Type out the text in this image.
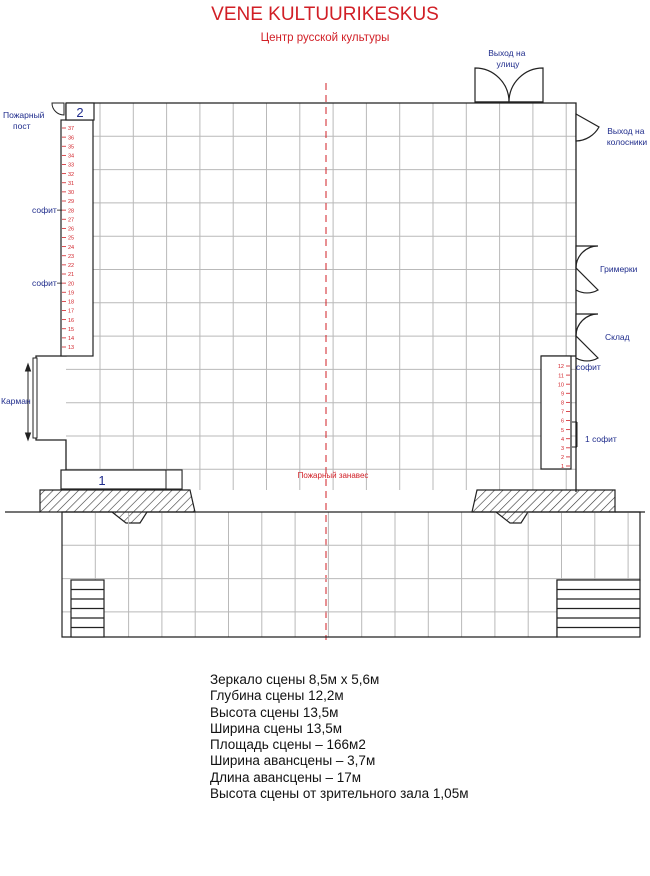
VENE KULTUURIKESKUS
Центр русской культуры
37
36
35
34
33
32
31
30
29
28
27
26
25
24
23
22
21
20
19
18
17
16
15
14
13
2
12
11
10
9
8
7
6
5
4
3
2
1
1
Выход на улицу
Выход на колосники
Пожарный пост
Карман
Гримерки
Склад
Пожарный занавес
софит
софит
софит
1 софит
Зеркало сцены 8,5м х 5,6м
Глубина сцены 12,2м
Высота сцены 13,5м
Ширина сцены 13,5м
Площадь сцены – 166м2
Ширина авансцены – 3,7м
Длина авансцены – 17м
Высота сцены от зрительного зала 1,05м
